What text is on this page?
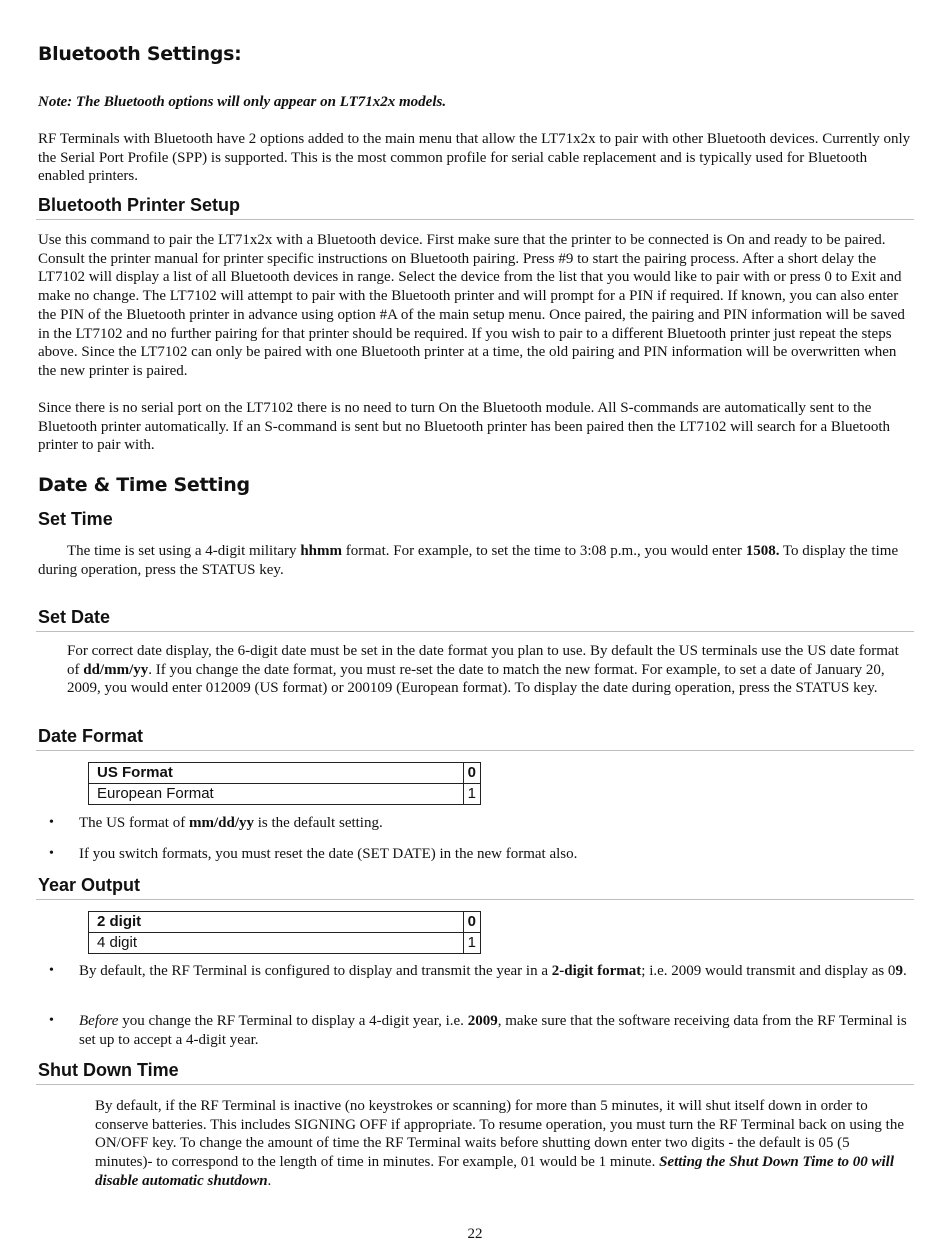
Bluetooth Settings:
Note: The Bluetooth options will only appear on LT71x2x models.
RF Terminals with Bluetooth have 2 options added to the main menu that allow the LT71x2x to pair with other Bluetooth devices. Currently only the Serial Port Profile (SPP) is supported. This is the most common profile for serial cable replacement and is typically used for Bluetooth enabled printers.
Bluetooth Printer Setup
Use this command to pair the LT71x2x with a Bluetooth device. First make sure that the printer to be connected is On and ready to be paired. Consult the printer manual for printer specific instructions on Bluetooth pairing. Press #9 to start the pairing process. After a short delay the LT7102 will display a list of all Bluetooth devices in range. Select the device from the list that you would like to pair with or press 0 to Exit and make no change. The LT7102 will attempt to pair with the Bluetooth printer and will prompt for a PIN if required. If known, you can also enter the PIN of the Bluetooth printer in advance using option #A of the main setup menu. Once paired, the pairing and PIN information will be saved in the LT7102 and no further pairing for that printer should be required. If you wish to pair to a different Bluetooth printer just repeat the steps above. Since the LT7102 can only be paired with one Bluetooth printer at a time, the old pairing and PIN information will be overwritten when the new printer is paired.
Since there is no serial port on the LT7102 there is no need to turn On the Bluetooth module. All S-commands are automatically sent to the Bluetooth printer automatically. If an S-command is sent but no Bluetooth printer has been paired then the LT7102 will search for a Bluetooth printer to pair with.
Date & Time Setting
Set Time
The time is set using a 4-digit military hhmm format. For example, to set the time to 3:08 p.m., you would enter 1508. To display the time during operation, press the STATUS key.
Set Date
For correct date display, the 6-digit date must be set in the date format you plan to use. By default the US terminals use the US date format of dd/mm/yy. If you change the date format, you must re-set the date to match the new format. For example, to set a date of January 20, 2009, you would enter 012009 (US format) or 200109 (European format). To display the date during operation, press the STATUS key.
Date Format
US Format	0
European Format	1
• The US format of mm/dd/yy is the default setting.
• If you switch formats, you must reset the date (SET DATE) in the new format also.
Year Output
2 digit	0
4 digit	1
• By default, the RF Terminal is configured to display and transmit the year in a 2-digit format; i.e. 2009 would transmit and display as 09.
• Before you change the RF Terminal to display a 4-digit year, i.e. 2009, make sure that the software receiving data from the RF Terminal is set up to accept a 4-digit year.
Shut Down Time
By default, if the RF Terminal is inactive (no keystrokes or scanning) for more than 5 minutes, it will shut itself down in order to conserve batteries. This includes SIGNING OFF if appropriate. To resume operation, you must turn the RF Terminal back on using the ON/OFF key. To change the amount of time the RF Terminal waits before shutting down enter two digits - the default is 05 (5 minutes)- to correspond to the length of time in minutes. For example, 01 would be 1 minute. Setting the Shut Down Time to 00 will disable automatic shutdown.
22
